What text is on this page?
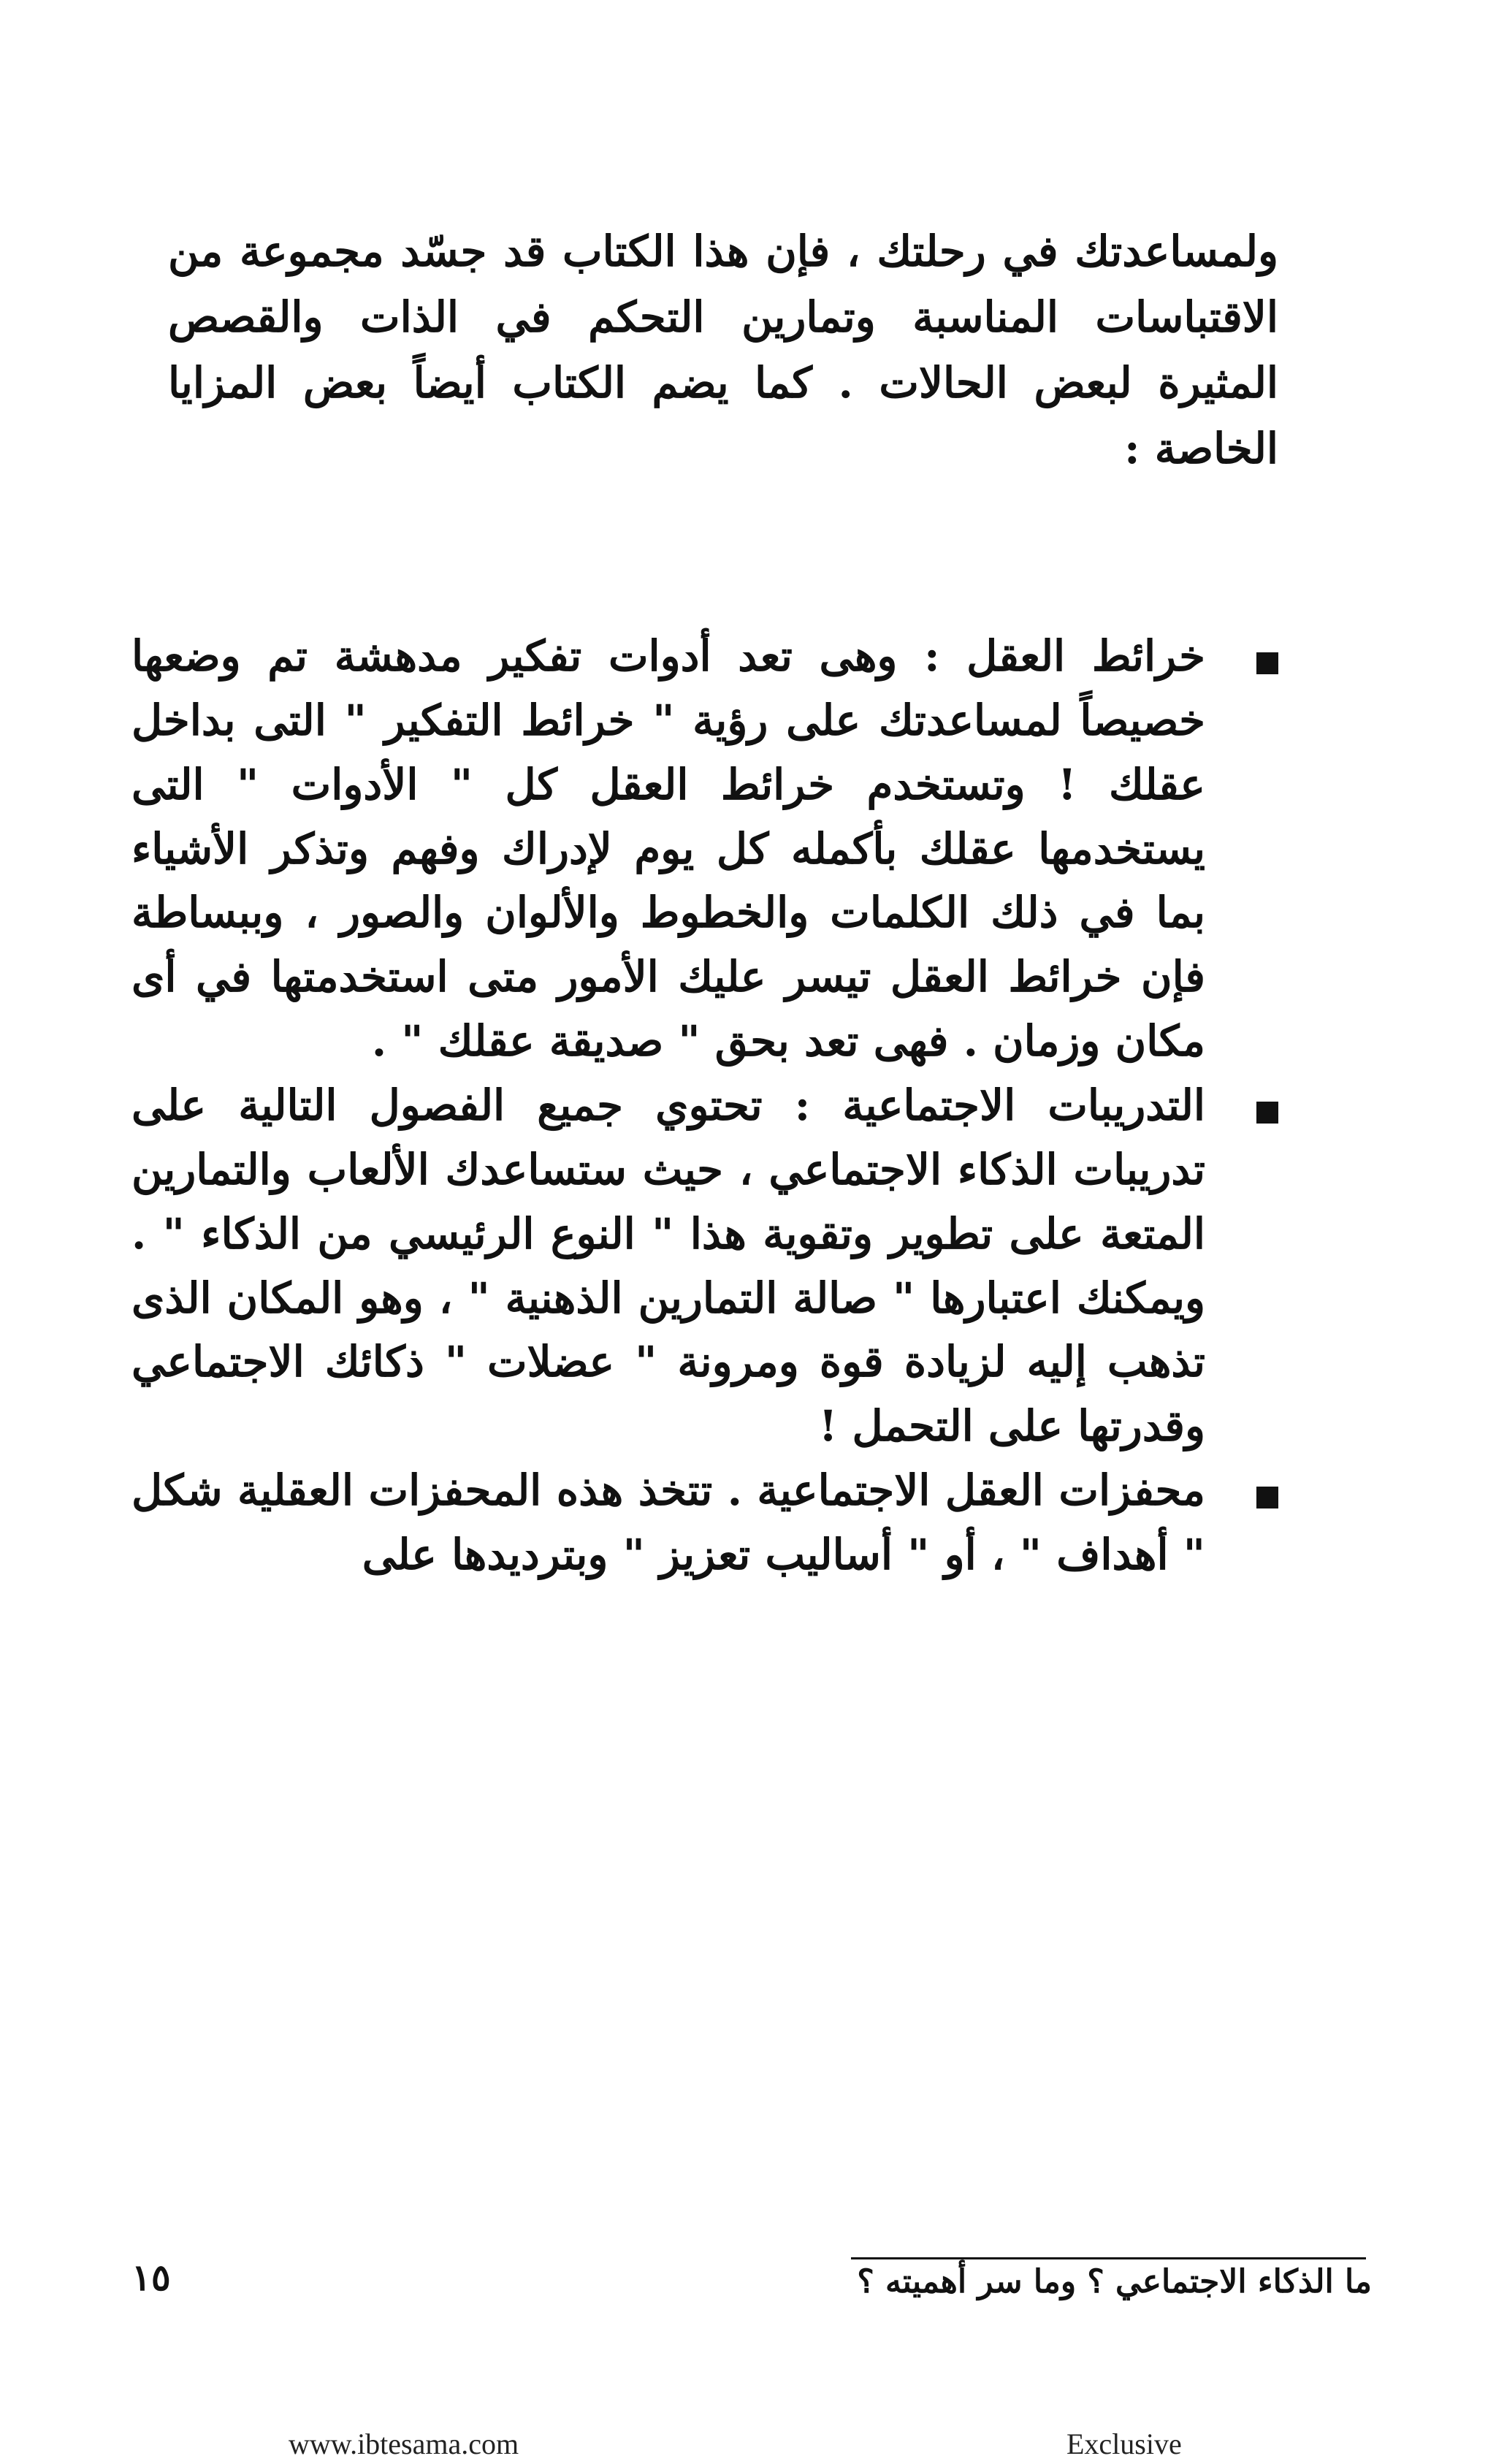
ولمساعدتك في رحلتك ، فإن هذا الكتاب قد جسّد مجموعة من الاقتباسات المناسبة وتمارين التحكم في الذات والقصص المثيرة لبعض الحالات . كما يضم الكتاب أيضاً بعض المزايا الخاصة :

خرائط العقل : وهى تعد أدوات تفكير مدهشة تم وضعها خصيصاً لمساعدتك على رؤية " خرائط التفكير " التى بداخل عقلك ! وتستخدم خرائط العقل كل " الأدوات " التى يستخدمها عقلك بأكمله كل يوم لإدراك وفهم وتذكر الأشياء بما في ذلك الكلمات والخطوط والألوان والصور ، وببساطة فإن خرائط العقل تيسر عليك الأمور متى استخدمتها في أى مكان وزمان . فهى تعد بحق " صديقة عقلك " .
التدريبات الاجتماعية : تحتوي جميع الفصول التالية على تدريبات الذكاء الاجتماعي ، حيث ستساعدك الألعاب والتمارين المتعة على تطوير وتقوية هذا " النوع الرئيسي من الذكاء " . ويمكنك اعتبارها " صالة التمارين الذهنية " ، وهو المكان الذى تذهب إليه لزيادة قوة ومرونة " عضلات " ذكائك الاجتماعي وقدرتها على التحمل !
محفزات العقل الاجتماعية . تتخذ هذه المحفزات العقلية شكل " أهداف " ، أو " أساليب تعزيز " وبترديدها على
ما الذكاء الاجتماعي ؟ وما سر أهميته ؟
١٥
www.ibtesama.com	Exclusive
